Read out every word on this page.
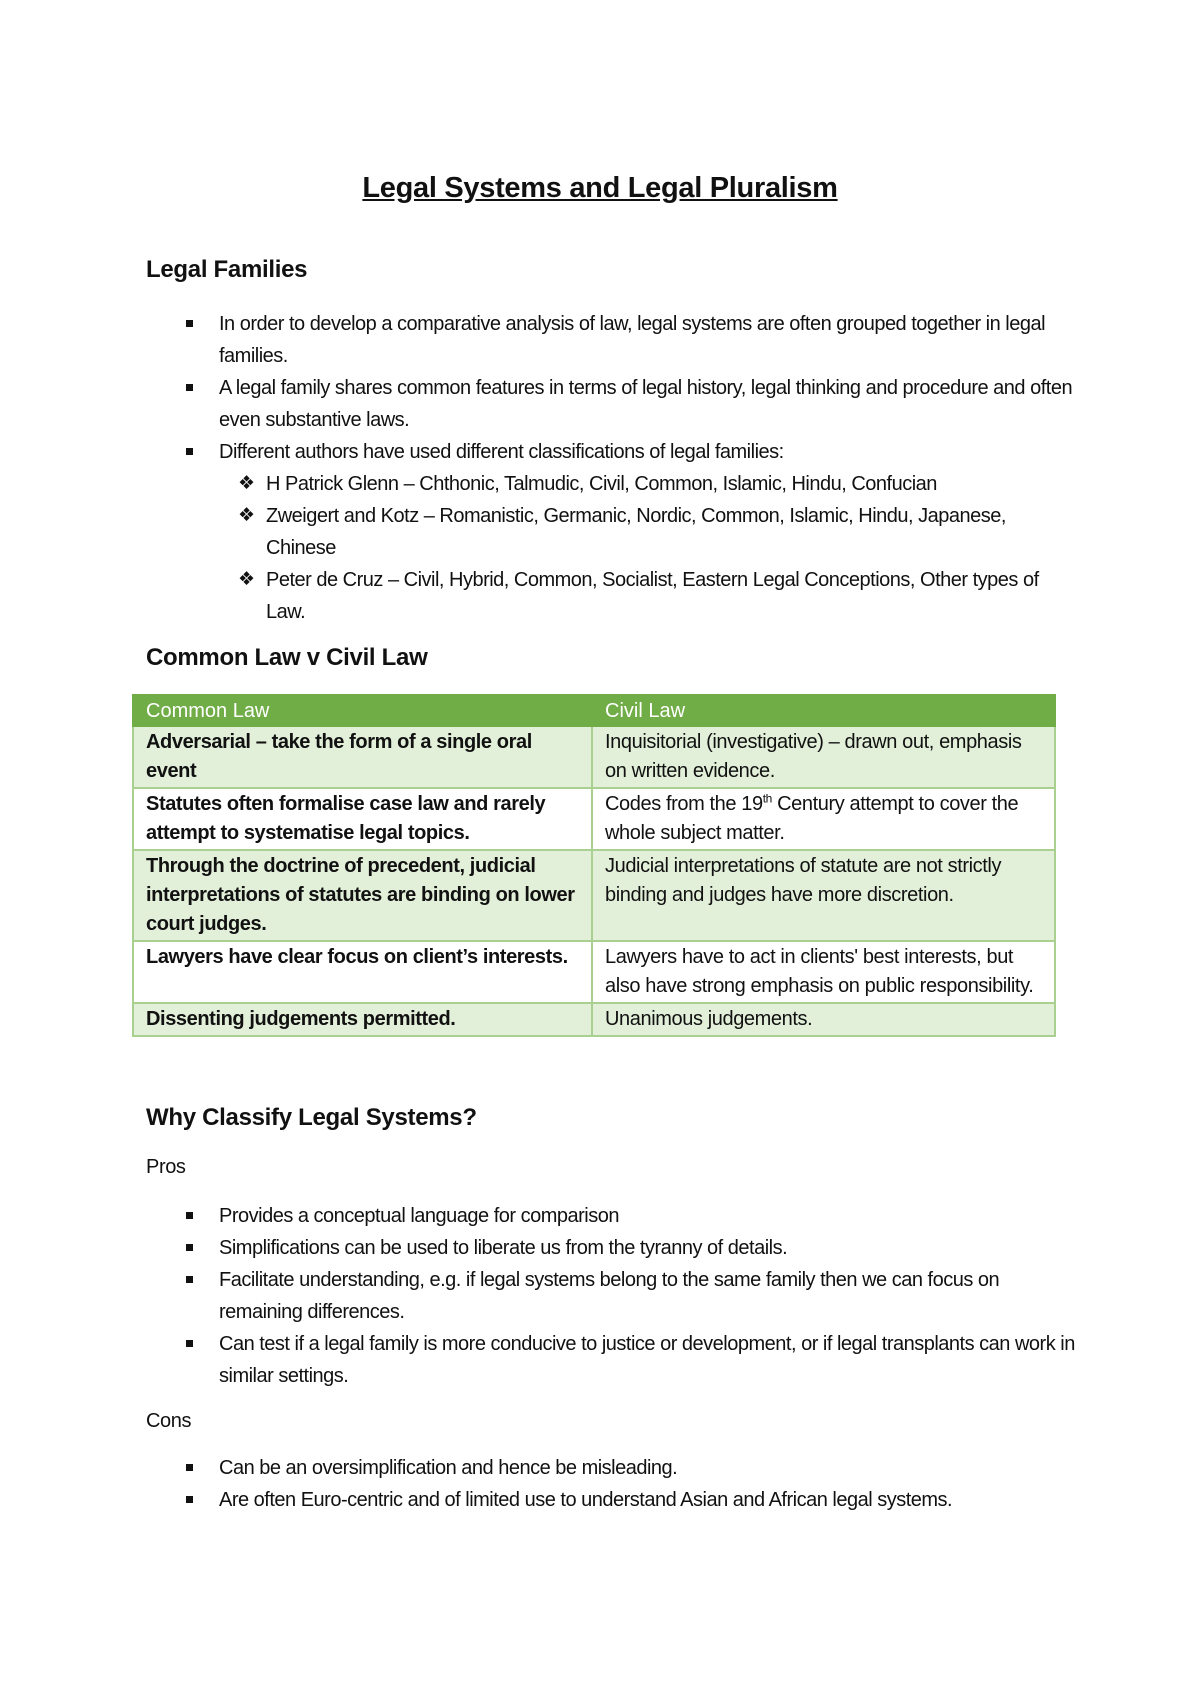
Legal Systems and Legal Pluralism
Legal Families
In order to develop a comparative analysis of law, legal systems are often grouped together in legal families.
A legal family shares common features in terms of legal history, legal thinking and procedure and often even substantive laws.
Different authors have used different classifications of legal families:
❖ H Patrick Glenn – Chthonic, Talmudic, Civil, Common, Islamic, Hindu, Confucian
❖ Zweigert and Kotz – Romanistic, Germanic, Nordic, Common, Islamic, Hindu, Japanese, Chinese
❖ Peter de Cruz – Civil, Hybrid, Common, Socialist, Eastern Legal Conceptions, Other types of Law.
Common Law v Civil Law
Common Law	Civil Law
Adversarial – take the form of a single oral event	Inquisitorial (investigative) – drawn out, emphasis on written evidence.
Statutes often formalise case law and rarely attempt to systematise legal topics.	Codes from the 19th Century attempt to cover the whole subject matter.
Through the doctrine of precedent, judicial interpretations of statutes are binding on lower court judges.	Judicial interpretations of statute are not strictly binding and judges have more discretion.
Lawyers have clear focus on client’s interests.	Lawyers have to act in clients' best interests, but also have strong emphasis on public responsibility.
Dissenting judgements permitted.	Unanimous judgements.
Why Classify Legal Systems?
Pros
Provides a conceptual language for comparison
Simplifications can be used to liberate us from the tyranny of details.
Facilitate understanding, e.g. if legal systems belong to the same family then we can focus on remaining differences.
Can test if a legal family is more conducive to justice or development, or if legal transplants can work in similar settings.
Cons
Can be an oversimplification and hence be misleading.
Are often Euro-centric and of limited use to understand Asian and African legal systems.
